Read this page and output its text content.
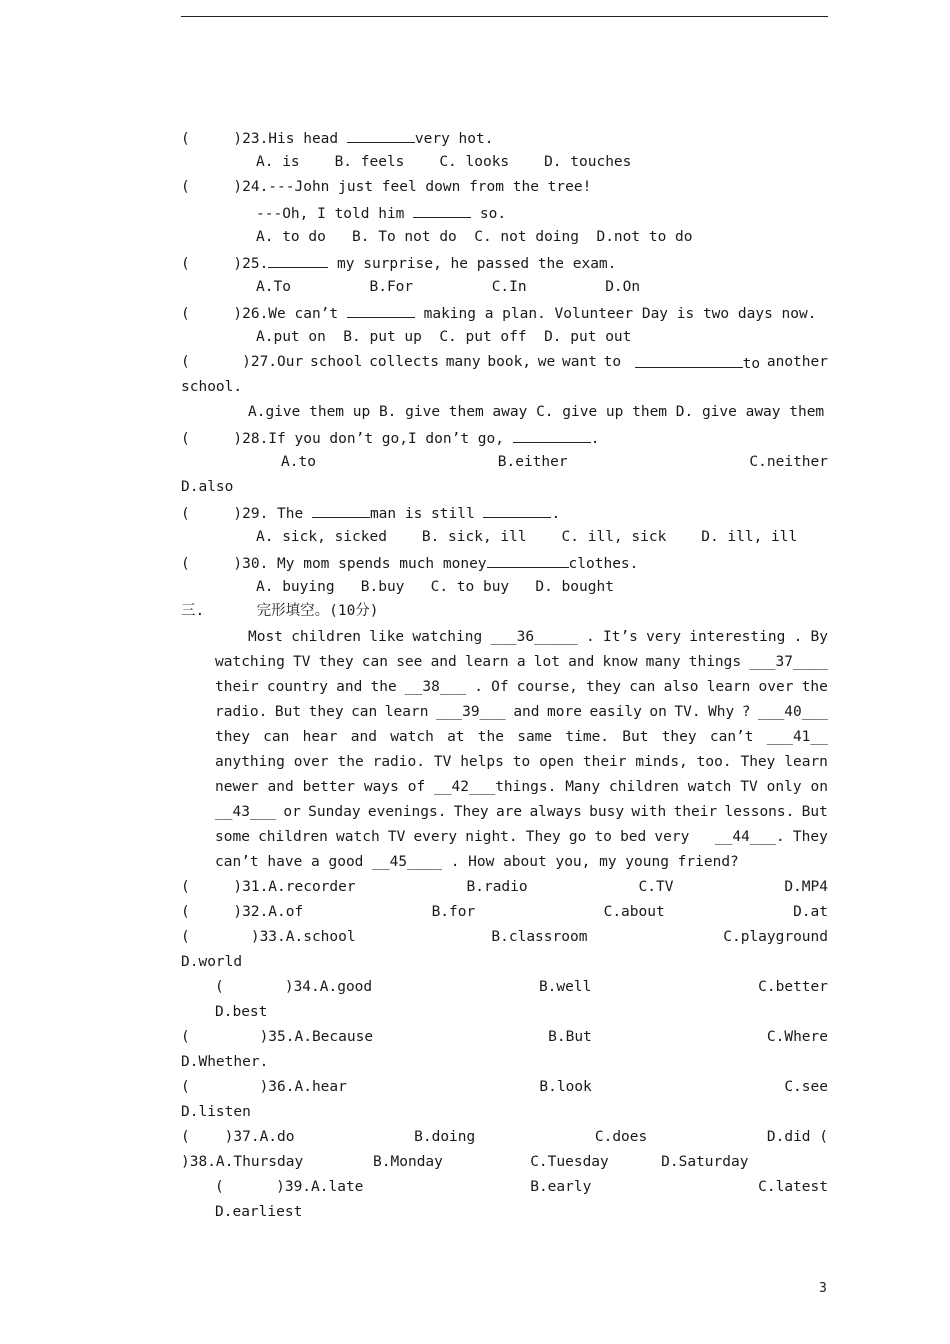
(     )23.His head	very hot.
A. is    B. feels    C. looks    D. touches
(     )24.---John just feel down from the tree!
---Oh, I told him	so.
A. to do   B. To not do  C. not doing  D.not to do
(     )25.	my surprise, he passed the exam.
A.To         B.For         C.In         D.On
(     )26.We can’t	making a plan. Volunteer Day is two days now.
A.put on  B. put up  C. put off  D. put out
(      )27.Our school collects many book, we want to	to another
school.
A.give them up B. give them away C. give up them D. give away them
(     )28.If you don’t go,I don’t go,	.
A.to	B.either	C.neither
D.also
(     )29. The	man is still	.
A. sick, sicked    B. sick, ill    C. ill, sick    D. ill, ill
(     )30. My mom spends much money	clothes.
A. buying   B.buy   C. to buy   D. bought
三.      完形填空。(10分)
Most children like watching ___36_____ . It’s very interesting . By
watching TV they can see and learn a lot and know many things ___37____
their country and the __38___ . Of course, they can also learn over the
radio. But they can learn ___39___ and more easily on TV. Why ? ___40___
they can hear and watch at the same time. But they can’t ___41__
anything over the radio. TV helps to open their minds, too. They learn
newer and better ways of __42___things. Many children watch TV only on
__43___ or Sunday evenings. They are always busy with their lessons. But
some children watch TV every night. They go to bed very __44___. They
can’t have a good __45____ . How about you, my young friend?
(     )31.A.recorder	B.radio	C.TV	D.MP4
(     )32.A.of	B.for	C.about	D.at
(       )33.A.school	B.classroom	C.playground
D.world
(       )34.A.good	B.well	C.better
D.best
(        )35.A.Because	B.But	C.Where
D.Whether.
(        )36.A.hear	B.look	C.see
D.listen
(    )37.A.do	B.doing	C.does	D.did (
)38.A.Thursday        B.Monday          C.Tuesday      D.Saturday
(      )39.A.late	B.early	C.latest
D.earliest
3
